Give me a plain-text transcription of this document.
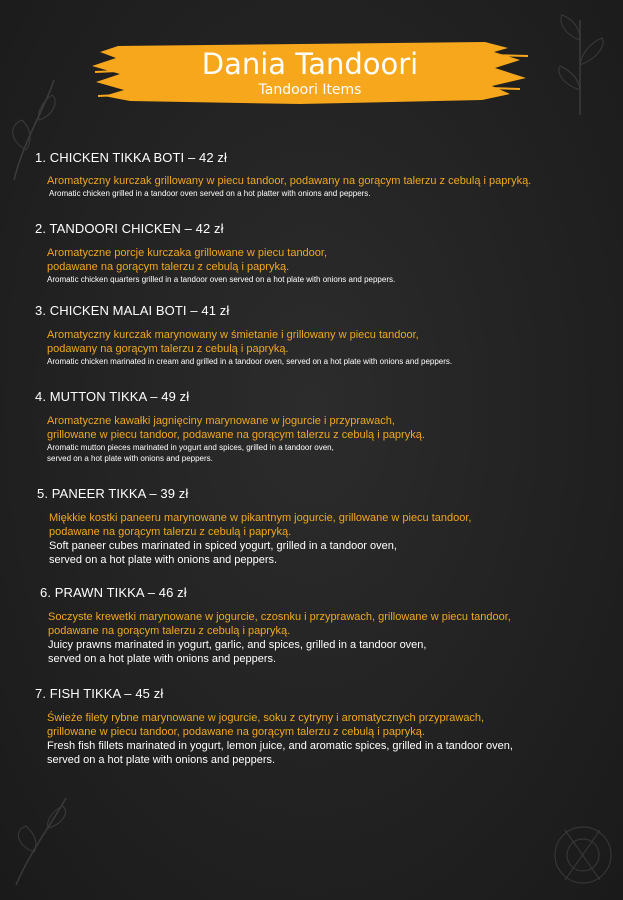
Dania Tandoori
Tandoori Items
1. CHICKEN TIKKA BOTI – 42 zł
Aromatyczny kurczak grillowany w piecu tandoor, podawany na gorącym talerzu z cebulą i papryką.
Aromatic chicken grilled in a tandoor oven served on a hot platter with onions and peppers.
2. TANDOORI CHICKEN – 42 zł
Aromatyczne porcje kurczaka grillowane w piecu tandoor,
podawane na gorącym talerzu z cebulą i papryką.
Aromatic chicken quarters grilled in a tandoor oven served on a hot plate with onions and peppers.
3. CHICKEN MALAI BOTI – 41 zł
Aromatyczny kurczak marynowany w śmietanie i grillowany w piecu tandoor,
podawany na gorącym talerzu z cebulą i papryką.
Aromatic chicken marinated in cream and grilled in a tandoor oven, served on a hot plate with onions and peppers.
4. MUTTON TIKKA – 49 zł
Aromatyczne kawałki jagnięciny marynowane w jogurcie i przyprawach,
grillowane w piecu tandoor, podawane na gorącym talerzu z cebulą i papryką.
Aromatic mutton pieces marinated in yogurt and spices, grilled in a tandoor oven,
served on a hot plate with onions and peppers.
5. PANEER TIKKA – 39 zł
Miękkie kostki paneeru marynowane w pikantnym jogurcie, grillowane w piecu tandoor,
podawane na gorącym talerzu z cebulą i papryką.
Soft paneer cubes marinated in spiced yogurt, grilled in a tandoor oven,
served on a hot plate with onions and peppers.
6. PRAWN TIKKA – 46 zł
Soczyste krewetki marynowane w jogurcie, czosnku i przyprawach, grillowane w piecu tandoor,
podawane na gorącym talerzu z cebulą i papryką.
Juicy prawns marinated in yogurt, garlic, and spices, grilled in a tandoor oven,
served on a hot plate with onions and peppers.
7. FISH TIKKA – 45 zł
Świeże filety rybne marynowane w jogurcie, soku z cytryny i aromatycznych przyprawach,
grillowane w piecu tandoor, podawane na gorącym talerzu z cebulą i papryką.
Fresh fish fillets marinated in yogurt, lemon juice, and aromatic spices, grilled in a tandoor oven,
served on a hot plate with onions and peppers.
